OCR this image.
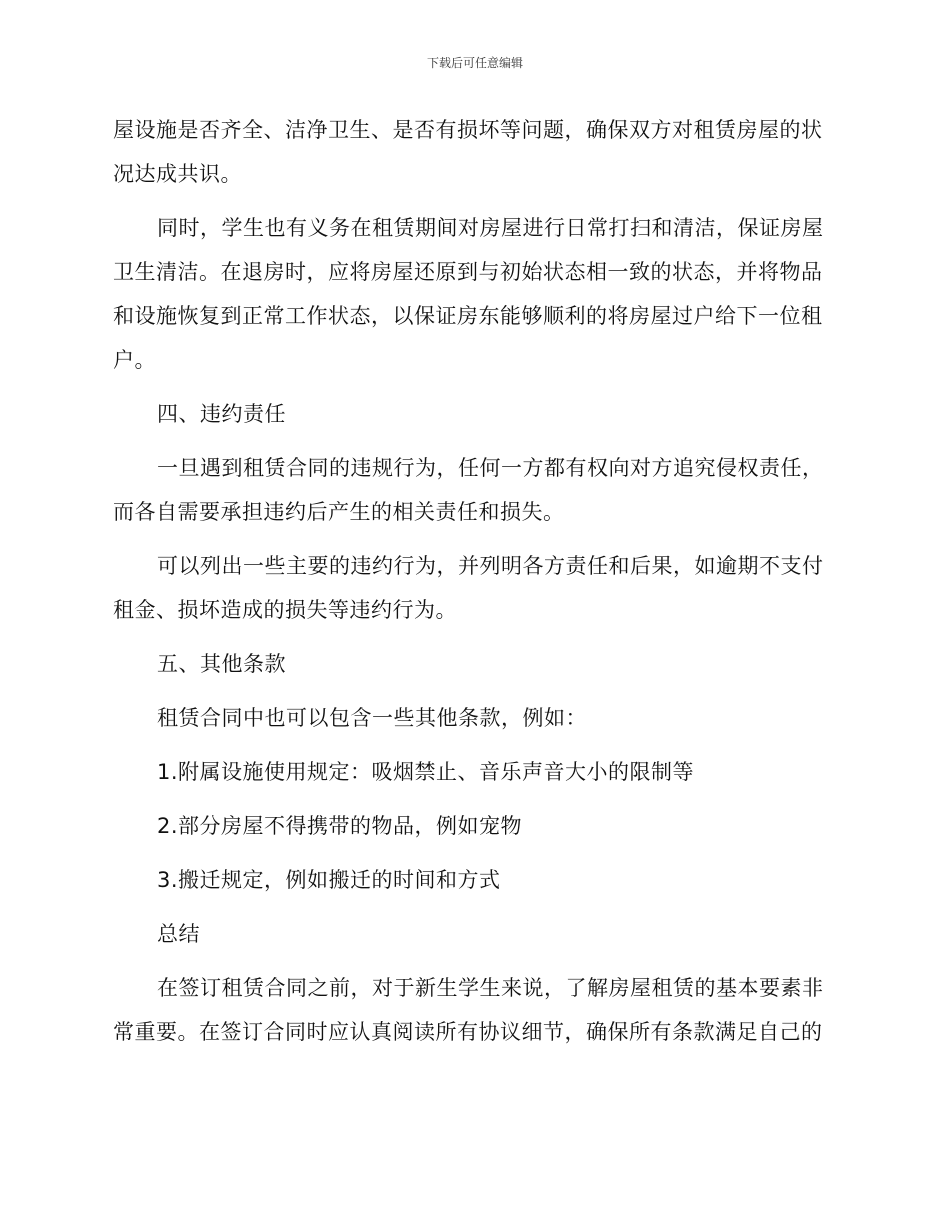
下载后可任意编辑

屋设施是否齐全、洁净卫生、是否有损坏等问题，确保双方对租赁房屋的状况达成共识。

同时，学生也有义务在租赁期间对房屋进行日常打扫和清洁，保证房屋卫生清洁。在退房时，应将房屋还原到与初始状态相一致的状态，并将物品和设施恢复到正常工作状态，以保证房东能够顺利的将房屋过户给下一位租户。

四、违约责任

一旦遇到租赁合同的违规行为，任何一方都有权向对方追究侵权责任，而各自需要承担违约后产生的相关责任和损失。

可以列出一些主要的违约行为，并列明各方责任和后果，如逾期不支付租金、损坏造成的损失等违约行为。

五、其他条款

租赁合同中也可以包含一些其他条款，例如：

1.附属设施使用规定：吸烟禁止、音乐声音大小的限制等

2.部分房屋不得携带的物品，例如宠物

3.搬迁规定，例如搬迁的时间和方式

总结

在签订租赁合同之前，对于新生学生来说，了解房屋租赁的基本要素非常重要。在签订合同时应认真阅读所有协议细节，确保所有条款满足自己的
